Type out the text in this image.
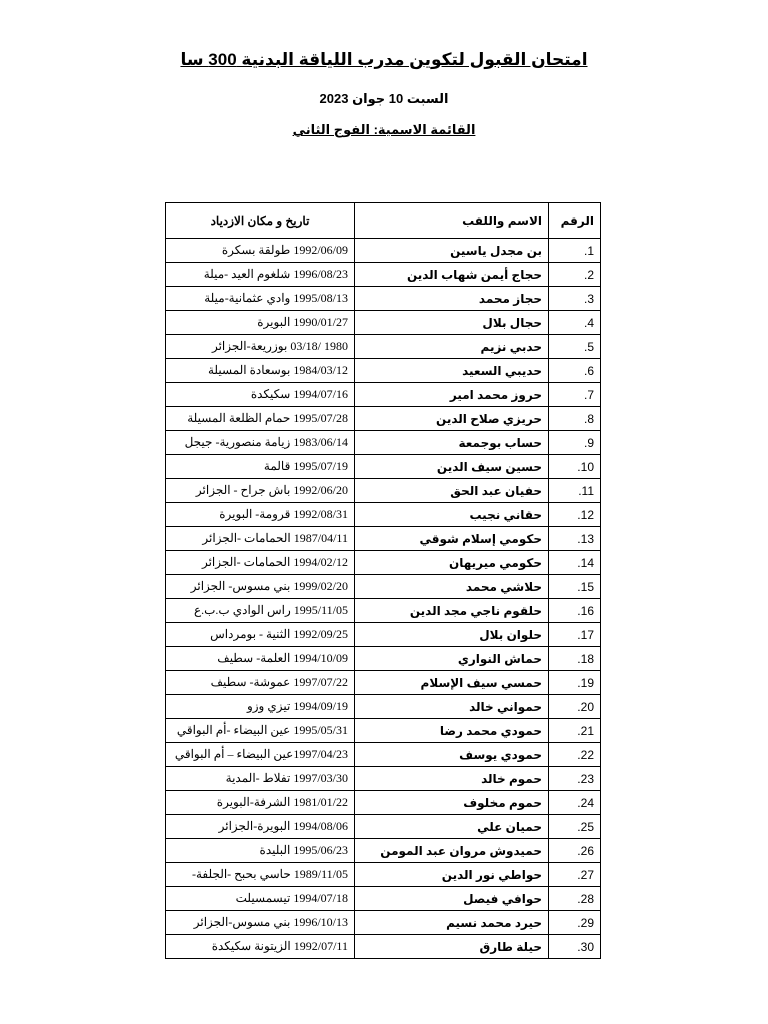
امتحان القبول لتكوين مدرب اللياقة البدنية 300 سا
السبت 10 جوان 2023
القائمة الاسمية: الفوج الثاني
الرقم	الاسم واللقب	تاريخ و مكان الازدياد
1.	بن مجدل ياسين	1992/06/09 طولقة بسكرة
2.	حجاج أيمن شهاب الدين	1996/08/23 شلغوم العيد -ميلة
3.	حجاز محمد	1995/08/13 وادي عثمانية-ميلة
4.	حجال بلال	1990/01/27 البويرة
5.	حدبي نزيم	1980 /03/18 بوزريعة-الجزائر
6.	حديبي السعيد	1984/03/12 بوسعادة المسيلة
7.	حروز محمد امير	1994/07/16 سكيكدة
8.	حريزي صلاح الدين	1995/07/28 حمام الظلعة المسيلة
9.	حساب بوجمعة	1983/06/14 زيامة منصورية- جيجل
10.	حسين سيف الدين	1995/07/19 قالمة
11.	حفيان عبد الحق	1992/06/20 باش جراح - الجزائر
12.	حقاني نجيب	1992/08/31 قرومة- البويرة
13.	حكومي إسلام شوقي	1987/04/11 الحمامات -الجزائر
14.	حكومي ميريهان	1994/02/12 الحمامات -الجزائر
15.	حلاشي محمد	1999/02/20 بني مسوس- الجزائر
16.	حلقوم ناجي مجد الدين	1995/11/05 راس الوادي ب.ب.ع
17.	حلوان بلال	1992/09/25 الثنية - بومرداس
18.	حماش النواري	1994/10/09 العلمة- سطيف
19.	حمسي سيف الإسلام	1997/07/22 عموشة- سطيف
20.	حمواني خالد	1994/09/19 تيزي وزو
21.	حمودي محمد رضا	1995/05/31 عين البيضاء -أم البواقي
22.	حمودي يوسف	1997/04/23عين البيضاء – أم البواقي
23.	حموم خالد	1997/03/30 تفلاط -المدية
24.	حموم مخلوف	1981/01/22 الشرفة-البويرة
25.	حميان علي	1994/08/06 البويرة-الجزائر
26.	حميدوش مروان عبد المومن	1995/06/23 البليدة
27.	حواطي نور الدين	1989/11/05 حاسي بحبح -الجلفة-
28.	حوافي فيصل	1994/07/18 تيسمسيلت
29.	حيرد محمد نسيم	1996/10/13 بني مسوس-الجزائر
30.	حيلة طارق	1992/07/11 الزيتونة سكيكدة
